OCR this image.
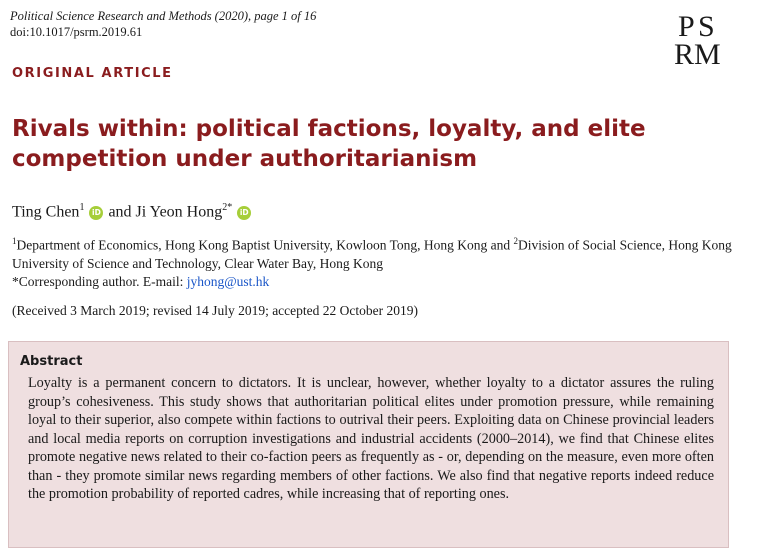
Political Science Research and Methods (2020), page 1 of 16
doi:10.1017/psrm.2019.61	P S
R M
ORIGINAL ARTICLE
Rivals within: political factions, loyalty, and elite competition under authoritarianism
Ting Chen$^1$ iD and Ji Yeon Hong$^{2*}$ iD
$^1$Department of Economics, Hong Kong Baptist University, Kowloon Tong, Hong Kong and $^2$Division of Social Science, Hong Kong University of Science and Technology, Clear Water Bay, Hong Kong
*Corresponding author. E-mail: jyhong@ust.hk
(Received 3 March 2019; revised 14 July 2019; accepted 22 October 2019)
Abstract

Loyalty is a permanent concern to dictators. It is unclear, however, whether loyalty to a dictator assures the ruling group’s cohesiveness. This study shows that authoritarian political elites under promotion pressure, while remaining loyal to their superior, also compete within factions to outrival their peers. Exploiting data on Chinese provincial leaders and local media reports on corruption investigations and industrial accidents (2000–2014), we find that Chinese elites promote negative news related to their co-faction peers as frequently as - or, depending on the measure, even more often than - they promote similar news regarding members of other factions. We also find that negative reports indeed reduce the promotion probability of reported cadres, while increasing that of reporting ones.
